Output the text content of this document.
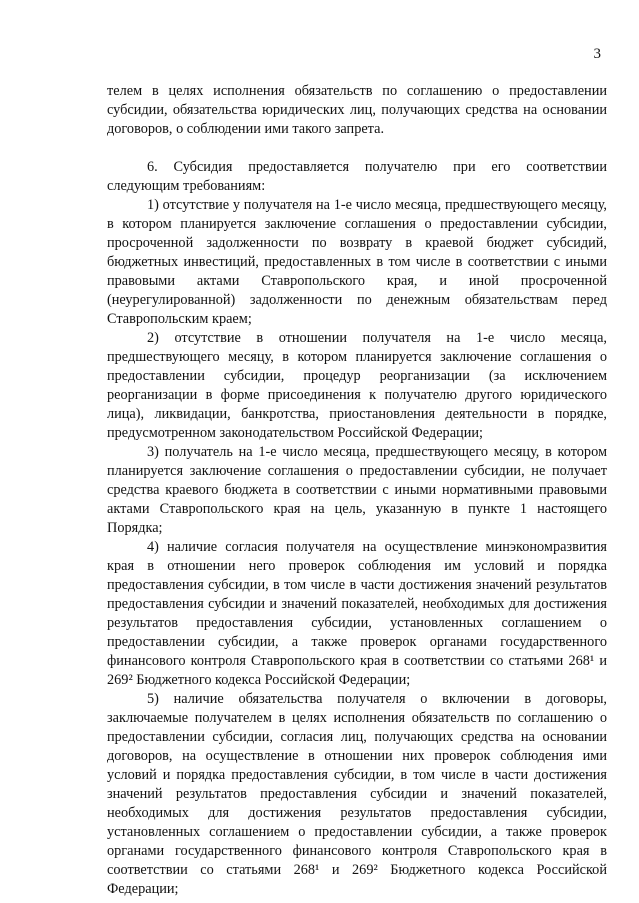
3

телем в целях исполнения обязательств по соглашению о предоставлении субсидии, обязательства юридических лиц, получающих средства на основании договоров, о соблюдении ими такого запрета.

6. Субсидия предоставляется получателю при его соответствии следующим требованиям:

1) отсутствие у получателя на 1-е число месяца, предшествующего месяцу, в котором планируется заключение соглашения о предоставлении субсидии, просроченной задолженности по возврату в краевой бюджет субсидий, бюджетных инвестиций, предоставленных в том числе в соответствии с иными правовыми актами Ставропольского края, и иной просроченной (неурегулированной) задолженности по денежным обязательствам перед Ставропольским краем;

2) отсутствие в отношении получателя на 1-е число месяца, предшествующего месяцу, в котором планируется заключение соглашения о предоставлении субсидии, процедур реорганизации (за исключением реорганизации в форме присоединения к получателю другого юридического лица), ликвидации, банкротства, приостановления деятельности в порядке, предусмотренном законодательством Российской Федерации;

3) получатель на 1-е число месяца, предшествующего месяцу, в котором планируется заключение соглашения о предоставлении субсидии, не получает средства краевого бюджета в соответствии с иными нормативными правовыми актами Ставропольского края на цель, указанную в пункте 1 настоящего Порядка;

4) наличие согласия получателя на осуществление минэкономразвития края в отношении него проверок соблюдения им условий и порядка предоставления субсидии, в том числе в части достижения значений результатов предоставления субсидии и значений показателей, необходимых для достижения результатов предоставления субсидии, установленных соглашением о предоставлении субсидии, а также проверок органами государственного финансового контроля Ставропольского края в соответствии со статьями 268¹ и 269² Бюджетного кодекса Российской Федерации;

5) наличие обязательства получателя о включении в договоры, заключаемые получателем в целях исполнения обязательств по соглашению о предоставлении субсидии, согласия лиц, получающих средства на основании договоров, на осуществление в отношении них проверок соблюдения ими условий и порядка предоставления субсидии, в том числе в части достижения значений результатов предоставления субсидии и значений показателей, необходимых для достижения результатов предоставления субсидии, установленных соглашением о предоставлении субсидии, а также проверок органами государственного финансового контроля Ставропольского края в соответствии со статьями 268¹ и 269² Бюджетного кодекса Российской Федерации;
